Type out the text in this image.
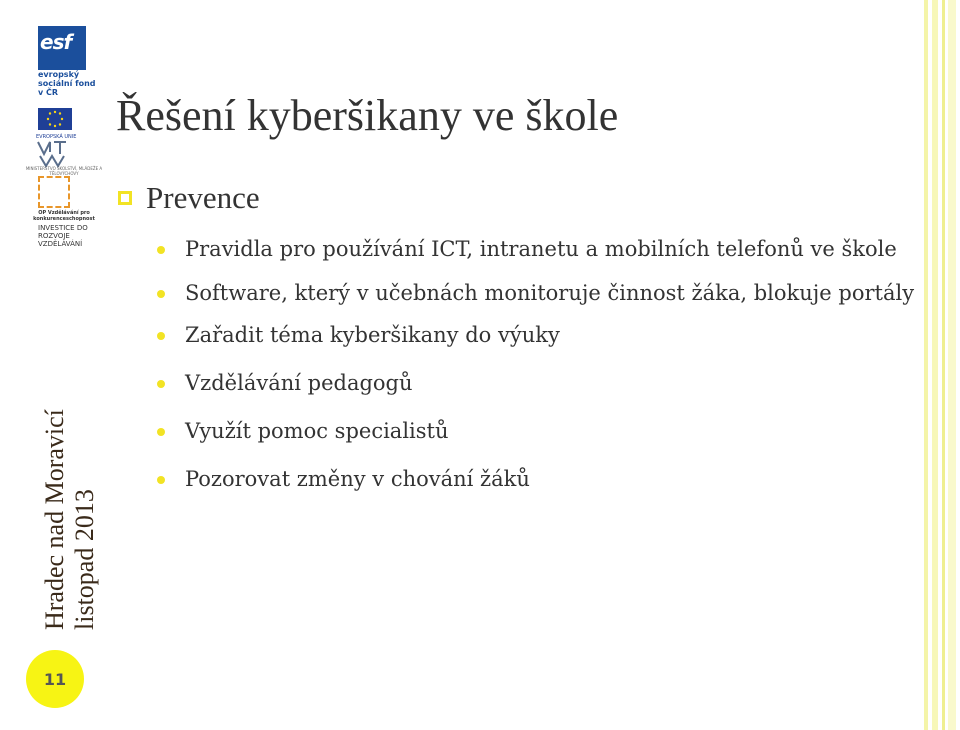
esf
evropský sociální fond v ČR
EVROPSKÁ UNIE
MINISTERSTVO ŠKOLSTVÍ, MLÁDEŽE A TĚLOVÝCHOVY
OP Vzdělávání pro konkurenceschopnost
INVESTICE DO ROZVOJE VZDĚLÁVÁNÍ
Hradec nad Moravicí listopad 2013
11
Řešení kyberšikany ve škole
Prevence
Pravidla pro používání ICT, intranetu a mobilních telefonů ve škole
Software, který v učebnách monitoruje činnost žáka, blokuje portály
Zařadit téma kyberšikany do výuky
Vzdělávání pedagogů
Využít pomoc specialistů
Pozorovat změny v chování žáků
